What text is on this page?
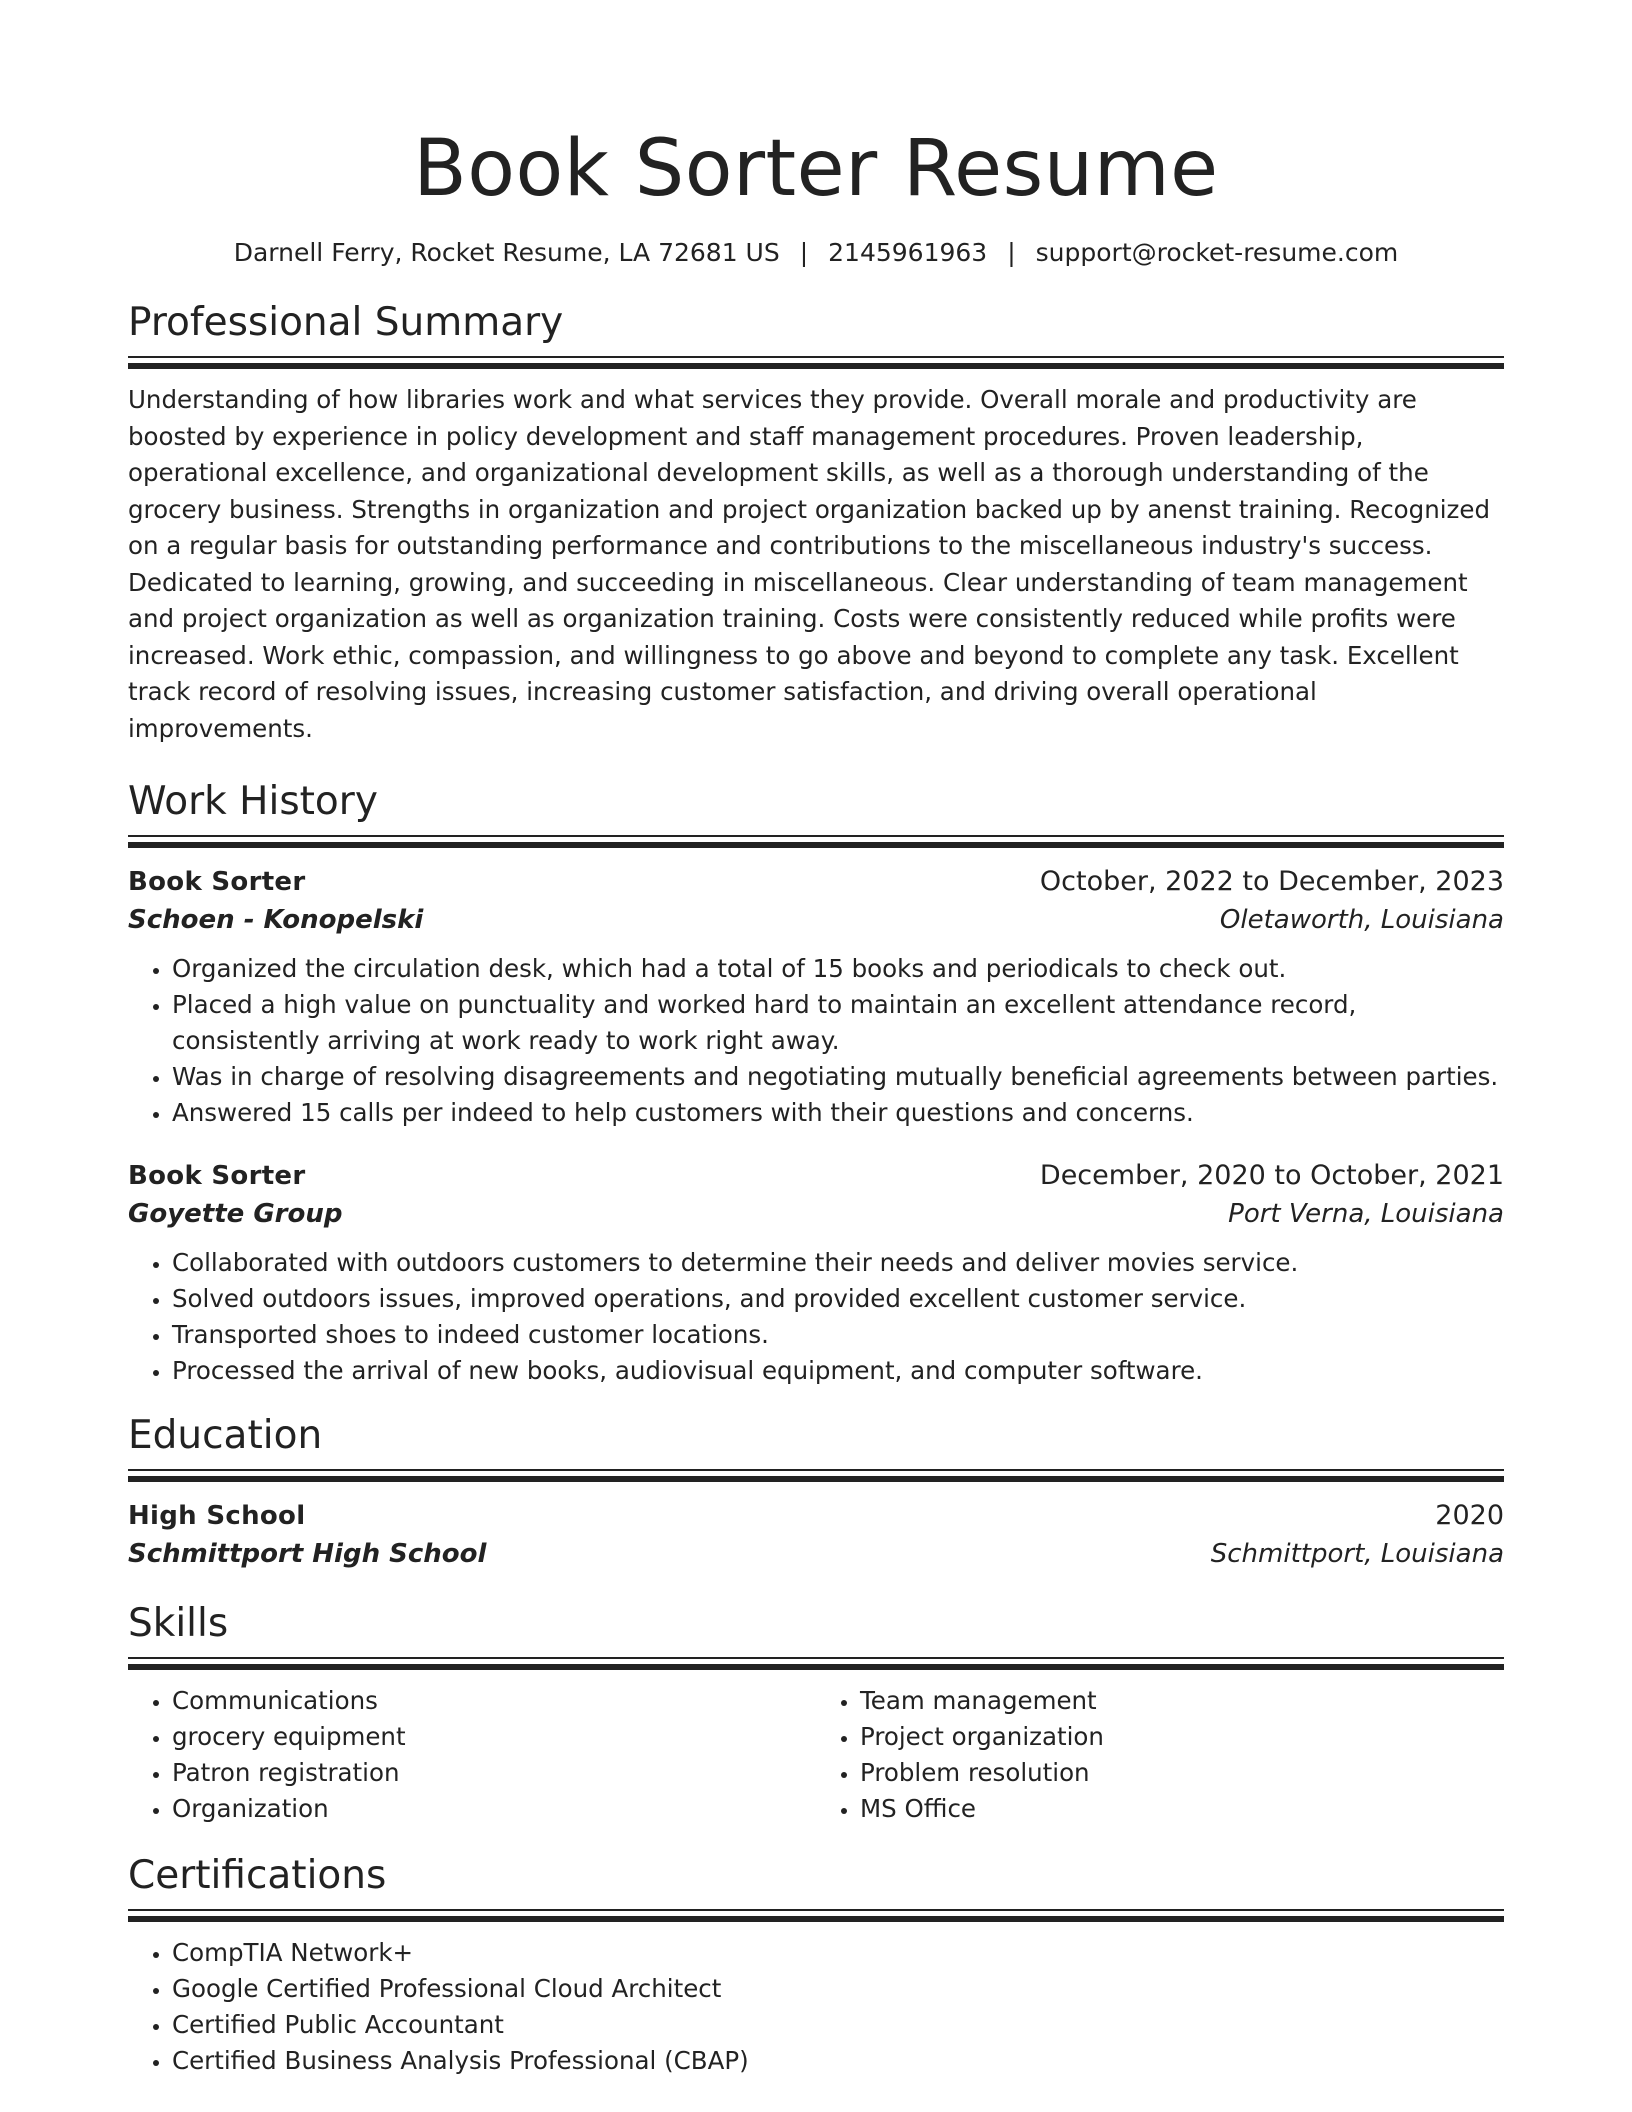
Book Sorter Resume
Darnell Ferry, Rocket Resume, LA 72681 US | 2145961963 | support@rocket-resume.com
Professional Summary

Understanding of how libraries work and what services they provide. Overall morale and productivity are boosted by experience in policy development and staff management procedures. Proven leadership, operational excellence, and organizational development skills, as well as a thorough understanding of the grocery business. Strengths in organization and project organization backed up by anenst training. Recognized on a regular basis for outstanding performance and contributions to the miscellaneous industry's success. Dedicated to learning, growing, and succeeding in miscellaneous. Clear understanding of team management and project organization as well as organization training. Costs were consistently reduced while profits were increased. Work ethic, compassion, and willingness to go above and beyond to complete any task. Excellent track record of resolving issues, increasing customer satisfaction, and driving overall operational improvements.

Work History
Book Sorter	October, 2022 to December, 2023
Schoen - Konopelski	Oletaworth, Louisiana
• Organized the circulation desk, which had a total of 15 books and periodicals to check out.
• Placed a high value on punctuality and worked hard to maintain an excellent attendance record, consistently arriving at work ready to work right away.
• Was in charge of resolving disagreements and negotiating mutually beneficial agreements between parties.
• Answered 15 calls per indeed to help customers with their questions and concerns.
Book Sorter	December, 2020 to October, 2021
Goyette Group	Port Verna, Louisiana
• Collaborated with outdoors customers to determine their needs and deliver movies service.
• Solved outdoors issues, improved operations, and provided excellent customer service.
• Transported shoes to indeed customer locations.
• Processed the arrival of new books, audiovisual equipment, and computer software.
Education
High School	2020
Schmittport High School	Schmittport, Louisiana
Skills
• Communications
• grocery equipment
• Patron registration
• Organization
• Team management
• Project organization
• Problem resolution
• MS Office
Certifications
• CompTIA Network+
• Google Certified Professional Cloud Architect
• Certified Public Accountant
• Certified Business Analysis Professional (CBAP)
